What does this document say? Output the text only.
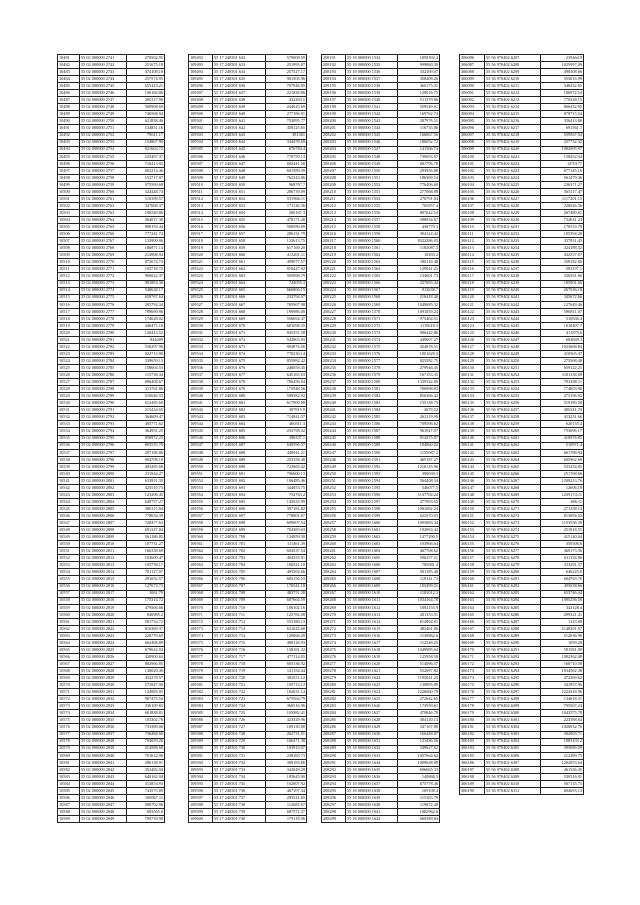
10481	55 02 000000 2741	270502.95
10482	55 02 000000 2742	251675.18
10483	55 02 000000 2743	474108.18
10484	55 02 000000 2744	257574.95
10485	55 02 000000 2745	655423.21
10486	55 02 000000 2746	106184.86
10487	55 02 000000 2747	200117.96
10488	55 02 000000 2748	500908.69
10489	55 02 000000 2749	746568.94
10490	55 02 000000 2750	621838.46
10491	55 02 000000 2751	134851.16
10492	55 02 000000 2752	79611.17
10493	55 02 000000 2753	154867.90
10494	55 02 000000 2754	921663.72
10495	55 02 000000 2755	235497.37
10496	55 02 000000 2756	716413.92
10497	55 02 000000 2757	802214.46
10498	55 02 000000 2758	153717.07
10499	55 02 000000 2759	975569.68
10500	55 02 000000 2760	324448.74
10501	55 02 000000 2761	110399.57
10502	55 02 000000 2762	347668.37
10503	55 02 000000 2763	106540.86
10504	55 02 000000 2764	364037.30
10505	55 02 000000 2765	908193.44
10506	55 02 000000 2766	777241.74
10507	55 02 000000 2767	133900.96
10508	55 02 000000 2768	186871.14
10509	55 02 000000 2769	214968.94
10510	55 02 000000 2770	872074.74
10511	55 02 000000 2771	103718.75
10512	55 02 000000 2772	966022.37
10513	55 02 000000 2773	981863.36
10514	55 02 000000 2774	540628.17
10515	55 02 000000 2775	658767.64
10516	55 02 000000 2776	205792.34
10517	55 02 000000 2777	789690.96
10518	55 02 000000 2778	174628.02
10519	55 02 000000 2779	446471.10
10520	55 02 000000 2780	120413.52
10521	55 02 000000 2781	844409
10522	55 02 000000 2782	530297.90
10523	55 02 000000 2783	922713.90
10524	55 02 000000 2784	339659.13
10525	55 02 000000 2785	158604.53
10526	55 02 000000 2786	115736.34
10527	55 02 000000 2787	896408.67
10528	55 02 000000 2788	313761.86
10529	55 02 000000 2789	516646.55
10530	55 02 000000 2790	612485.60
10531	55 02 000000 2791	213434.65
10532	55 02 000000 2792	364609.47
10533	55 02 000000 2793	495771.62
10534	55 02 000000 2794	364951.25
10535	55 02 000000 2795	858972.23
10536	55 02 000000 2796	803535.70
10537	55 02 000000 2797	497186.86
10538	55 02 000000 2798	904708.10
10539	55 02 000000 2799	403485.68
10540	55 02 000000 2800	231944.27
10541	55 02 000000 2801	633951.35
10542	55 02 000000 2802	425510.73
10543	55 02 000000 2803	123206.45
10544	55 02 000000 2804	649757.27
10545	55 02 000000 2805	386115.84
10546	55 02 000000 2806	778654.39
10547	55 02 000000 2807	720477.63
10548	55 02 000000 2808	691247.84
10549	55 02 000000 2809	561186.85
10550	55 02 000000 2810	107731.27
10551	55 02 000000 2811	166358.69
10552	55 02 000000 2812	103600.47
10553	55 02 000000 2813	105758.17
10554	55 02 000000 2814	701127.07
10555	55 02 000000 2815	291052.57
10556	55 02 000000 2816	127673.73
10557	55 02 000000 2817	1061.79
10558	55 02 000000 2818	175314.72
10559	55 02 000000 2819	479566.66
10560	55 02 000000 2820	846985.2
10561	55 02 000000 2821	581754.72
10562	55 02 000000 2822	816369.37
10563	55 02 000000 2823	226779.65
10564	55 02 000000 2824	662468.89
10565	55 02 000000 2825	679622.04
10566	55 02 000000 2826	420900.63
10567	55 02 000000 2827	882966.85
10568	55 02 000000 2828	130020.49
10569	55 02 000000 2829	452278.57
10570	55 02 000000 2830	572947.90
10571	55 02 000000 2831	124983.95
10572	55 02 000000 2832	987475.54
10573	55 02 000000 2833	336109.65
10574	55 02 000000 2834	601838.81
10575	55 02 000000 2835	103302.76
10576	55 02 000000 2836	733389.06
10577	55 02 000000 2837	736468.60
10578	55 02 000000 2838	704059.26
10579	55 02 000000 2839	314588.60
10580	55 02 000000 2840	701612.96
10581	55 02 000000 2841	286138.91
10582	55 02 000000 2842	352482.04
10583	55 02 000000 2843	640162.94
10584	55 02 000000 2844	313853.93
10585	55 02 000000 2845	743575.89
10586	55 02 000000 2846	106967.11
10587	55 02 000000 2847	380702.96
10588	55 02 000000 2848	693565.6
10589	55 02 000000 2849	709718.98
109492	55 17 240501 632	579008.59
109493	55 17 240501 633	251993.07
109494	55 17 240501 634	257527.17
109495	55 17 240501 635	901505.96
109496	55 17 240501 636	707946.95
109497	55 17 240501 637	221838.86
109498	55 17 240501 638	432203.5
109499	55 17 240501 639	244625.69
109500	55 17 240501 640	277186.01
109501	55 17 240501 641	753095.77
109502	55 17 240501 642	458125.65
109503	55 17 240501 643	381361
109504	55 17 240501 644	334478.69
109505	55 17 240501 645	676784.4
109506	55 17 240501 646	770759.13
109507	55 17 240501 647	692441.58
109508	55 17 240501 648	601589.39
109509	55 17 240501 649	762343.06
109510	55 17 240501 650	968767.7
109511	55 17 240501 651	286739.09
109512	55 17 240501 652	555966.11
109513	55 17 240501 653	171126.36
109514	55 17 240501 654	206167.3
109515	55 17 240501 655	478171.28
109516	55 17 240501 656	568580.09
109517	55 17 240501 657	286131.79
109518	55 17 240501 658	132613.75
109519	55 17 240501 659	617169.20
109520	55 17 240501 660	413201.11
109521	55 17 240501 661	499077.57
109522	55 17 240501 662	918427.92
109523	55 17 240501 663	505098.79
109524	55 17 240501 664	744055.3
109525	55 17 240501 665	666806.15
109526	55 17 240501 666	233794.97
109527	55 17 240501 667	765967.98
109528	55 17 240501 668	196986.00
109529	55 17 240501 669	556694.47
109530	55 17 240501 670	681098.35
109531	55 17 240501 671	945351.58
109532	55 17 240501 672	542903.93
109533	55 17 240501 673	904874.56
109534	55 17 240501 674	778230.14
109535	55 17 240501 675	855982.42
109536	55 17 240501 676	246058.45
109537	55 17 240501 677	645165.03
109538	55 17 240501 678	786456.04
109539	55 17 240501 679	175948.56
109540	55 17 240501 680	598582.92
109541	55 17 240501 681	617900.08
109542	55 17 240501 682	307815.9
109543	55 17 240501 683	714841.57
109544	55 17 240501 684	460511.3
109545	55 17 240501 685	233798.32
109546	55 17 240501 686	396337.1
109547	55 17 240501 687	649596.37
109548	55 17 240501 688	440941.21
109549	55 17 240501 689	253158.48
109550	55 17 240501 690	723665.42
109551	55 17 240501 691	706600.13
109552	55 17 240501 692	106485.46
109553	55 17 240501 693	344853.75
109554	55 17 240501 694	754763.2
109555	55 17 240501 695	145635.99
109556	55 17 240501 696	397181.82
109557	55 17 240501 697	778801.87
109558	55 17 240501 698	699007.54
109559	55 17 240501 699	704383.63
109560	55 17 240501 700	134859.58
109561	55 17 240501 701	111461.39
109562	55 17 240501 702	604537.54
109563	55 17 240501 703	404355.91
109564	55 17 240501 704	166521.10
109565	55 17 240501 705	405563.66
109566	55 17 240501 706	685156.53
109567	55 17 240501 707	176541.18
109568	55 17 240501 708	483751.28
109569	55 17 240501 709	607664.59
109570	55 17 240501 710	106102.16
109571	55 17 240501 711	125782.08
109572	55 17 240501 712	553186.13
109573	55 17 240501 713	631625.60
109574	55 17 240501 714	120066.29
109575	55 17 240501 715	488126.93
109576	55 17 240501 716	138181.32
109577	55 17 240501 717	477114.05
109578	55 17 240501 718	605136.92
109579	55 17 240501 719	141154.44
109580	55 17 240501 720	382551.12
109581	55 17 240501 721	105713.12
109582	55 17 240501 722	162031.14
109583	55 17 240501 723	675564.79
109584	55 17 240501 724	366516.96
109585	55 17 240501 725	103982.41
109586	55 17 240501 726	423329.96
109587	55 17 240501 727	169130.80
109588	55 17 240501 728	262731.01
109589	55 17 240501 729	166471.38
109590	55 17 240501 730	103913.07
109591	55 17 240501 731	238163.73
109592	55 17 240501 732	308183.86
109593	55 17 240501 733	342649.29
109594	55 17 240501 734	195645.90
109595	55 17 240501 735	162007.92
109596	55 17 240501 736	467107.44
109597	55 17 240501 737	285541.65
109598	55 17 240501 738	112081.67
109599	55 17 240501 739	687571.37
109600	55 17 240501 740	179118.06
208191	55 18 000000 1534	1050392.4
208192	55 18 000000 1535	999860.39
208193	55 18 000000 1536	332169.07
208194	55 18 000000 1537	358408.26
208195	55 18 000000 1538	460175.31
208196	55 18 000000 1539	129016.75
208197	55 18 000000 1540	511379.86
208198	55 18 000000 1541	559549.61
208199	55 18 000000 1542	169762.74
208200	55 18 000000 1543	287976.51
208201	55 18 000000 1544	116735.86
208202	55 18 000000 1545	166067.56
208203	55 18 000000 1546	186052.72
208204	55 18 000000 1547	141566.74
208205	55 18 000000 1548	739693.07
208206	55 18 000000 1549	681796.70
208207	55 18 000000 1550	293956.88
208208	55 18 000000 1551	186369.54
208209	55 18 000000 1552	776406.60
208210	55 18 000000 1553	277068.89
208211	55 18 000000 1554	270791.04
208212	55 18 000000 1555	765957.4
208213	55 18 000000 1556	807642.54
208214	55 18 000000 1557	398954.67
208215	55 18 000000 1558	430770.3
208216	55 18 000000 1559	304124.42
208217	55 18 000000 1560	8322286.03
208218	55 18 000000 1561	1182087.3
208219	55 18 000000 1562	10493.2
208220	55 18 000000 1563	186116.48
208221	55 18 000000 1564	129041.23
208222	55 18 000000 1565	134601.73
208223	55 18 000000 1566	237693.42
208224	55 18 000000 1567	912638.7
208225	55 18 000000 1568	216418.40
208226	55 18 000000 1569	1049685.32
208227	55 18 000000 1570	1091059.24
208228	55 18 000000 1571	975464.51
208229	55 18 000000 1572	1119618.3
208230	55 18 000000 1573	986442.86
208231	55 18 000000 1574	449607.27
208232	55 18 000000 1575	454078.51
208233	55 18 000000 1576	1001629.3
208234	55 18 000000 1577	825582.75
208235	55 18 000000 1578	279946.45
208236	55 18 000000 1579	167153.35
208237	55 18 000000 1580	1339342.69
208238	55 18 000000 1581	706998.83
208239	55 18 000000 1582	856366.42
208240	55 18 000000 1583	155138.75
208241	55 18 000000 1584	2678.52
208242	55 18 000000 1585	262119.99
208243	55 18 000000 1586	709596.62
208244	55 18 000000 1587	961947.07
208245	55 18 000000 1588	914375.87
208246	55 18 000000 1589	104860.02
208247	55 18 000000 1590	1155087.2
208248	55 18 000000 1591	465187.27
208249	55 18 000000 1592	1216135.96
208250	55 18 000000 1593	390638.3
208251	55 18 000000 1594	564408.34
208252	55 18 000000 1595	546077.5
208253	55 18 000000 1596	1137704.24
208254	55 18 000000 1597	477993.55
208255	55 18 000000 1598	1081082.24
208256	55 18 000000 1599	622570.03
208257	55 18 000000 1600	1093683.34
208258	55 18 000000 1601	102963.44
208259	55 18 000000 1602	1477290.5
208260	55 18 000000 1603	103966.64
208261	55 18 000000 1604	467768.62
208262	55 18 000000 1605	596157.51
208263	55 18 000000 1606	785081.4
208264	55 18 000000 1607	561185.48
208265	55 18 000000 1608	118141.73
208266	55 18 000000 1609	105499.51
208267	55 18 000000 1610	1183012.3
208268	55 18 000000 1611	1034164.78
208269	55 18 000000 1612	1092155.9
208270	55 18 000000 1613	201153.51
208271	55 18 000000 1614	614964.01
208272	55 18 000000 1615	483461.06
208273	55 18 000000 1616	1139862.6
208274	55 18 000000 1617	112548.25
208275	55 18 000000 1618	1049985.64
208276	55 18 000000 1619	125958.58
208277	55 18 000000 1620	514086.57
208278	55 18 000000 1621	552697.82
208279	55 18 000000 1622	1195041.23
208280	55 18 000000 1623	139895.89
208281	55 18 000000 1624	1226660.79
208282	55 18 000000 1625	272642.65
208283	55 18 000000 1626	173939.61
208284	55 18 000000 1627	479846.78
208285	55 18 000000 1628	304120.13
208286	55 18 000000 1629	347167.88
208287	55 18 000000 1630	166448.07
208288	55 18 000000 1631	121436.56
208289	55 18 000000 1632	349627.62
208290	55 18 000000 1633	1057664.62
208291	55 18 000000 1634	1009638.89
208292	55 18 000000 1635	606665.33
208293	55 18 000000 1636	140868.3
208294	55 18 000000 1637	675778.46
208295	55 18 000000 1638	169108.4
208296	55 18 000000 1639	115163.78
208297	55 18 000000 1640	119872.48
208298	55 18 000000 1641	1082962.6
208299	55 18 000000 1642	660389.84
306086	55 56 970402 6207	239464.9
306087	55 56 970402 6208	1025997.09
306088	55 56 970402 6209	498308.66
306089	55 56 970402 6210	555616.99
306090	55 56 970402 6211	346432.65
306091	55 56 970402 6212	106972.54
306092	55 56 970402 6213	770328.15
306093	55 56 970402 6214	866432.95
306094	55 56 970402 6215	879715.54
306095	55 56 970402 6216	356413.86
306096	55 56 970402 6217	691561.1
306097	55 56 970402 6218	559567.94
306098	55 56 970402 6219	237732.32
306099	55 56 970402 6220	1082095.97
306100	55 56 970402 6221	158452.44
306101	55 56 970402 6222	1270177
306102	55 56 970402 6223	677145.16
306103	55 56 970402 6224	561479.46
306104	55 56 970402 6225	236371.27
306105	55 56 970402 6226	365117.47
306106	55 56 970402 6227	1117201.15
306107	55 56 970402 6228	226026.56
306108	55 56 970402 6229	267480.61
306109	55 56 970402 6230	732631.24
306110	55 56 970402 6231	176533.78
306111	55 56 970402 6232	105394.28
306112	55 56 970402 6233	357831.45
306113	55 56 970402 6234	424188.52
306114	55 56 970402 6235	432557.07
306115	55 56 970402 6236	358182.66
306116	55 56 970402 6237	583197.1
306117	55 56 970402 6238	336351.66
306118	55 56 970402 6239	185901.66
306119	55 56 970402 6240	267036.18
306120	55 56 970402 6241	345672.66
306121	55 56 970402 6242	127649.46
306122	55 56 970402 6243	596811.07
306123	55 56 970402 6244	510636.4
306124	55 56 970402 6245	1018407.7
306125	55 56 970402 6246	411879.6
306126	55 56 970402 6247	604849.3
306127	55 56 970402 6248	1023068.84
306128	55 56 970402 6249	410565.47
306129	55 56 970402 6250	275568.48
306130	55 56 970402 6251	659122.21
306131	55 56 970402 6252	1101138.69
306132	55 56 970402 6253	702188.11
306133	55 56 970402 6254	774603.96
306134	55 56 970402 6255	475196.92
306135	55 56 970402 6256	519190.58
306136	55 56 970402 6257	406311.70
306137	55 56 970402 6258	413231.66
306138	55 56 970402 6259	620155.4
306139	55 56 970402 6260	753696.17
306140	55 56 970402 6261	410976.85
306141	55 56 970402 6262	510971.4
306142	55 56 970402 6263	661788.94
306143	55 56 970402 6264	605962.68
306144	55 56 970402 6265	533254.85
306145	55 56 970402 6266	251768.66
306146	55 56 970402 6267	1209213.76
306147	55 56 970402 6268	12606.18
306148	55 56 970402 6269	1239174.11
306149	55 56 970402 6270	486.11
306150	55 56 970402 6271	271358.14
306151	55 56 970402 6272	813094.02
306152	55 56 970402 6273	1153556.39
306153	55 56 970402 6274	251818.55
306154	55 56 970402 6275	415140.04
306155	55 56 970402 6276	359306.6
306156	55 56 970402 6277	469173.56
306157	55 56 970402 6278	611154.86
306158	55 56 970402 6279	233291.37
306159	55 56 970402 6280	646225.6
306160	55 56 970402 6281	604763.76
306161	55 56 970402 6282	405638.66
306162	55 56 970402 6283	653746.44
306163	55 56 970402 6284	1095256.58
306164	55 56 970402 6285	342128.4
306165	55 56 970402 6286	299321.41
306166	55 56 970402 6287	1123.68
306167	55 56 970402 6288	1148201.97
306168	55 56 970402 6289	512636.96
306169	55 56 970402 6290	1059.28
306170	55 56 970402 6291	591581.09
306171	55 56 970402 6292	1002362.08
306172	55 56 970402 6293	166710.58
306173	55 56 970402 6294	1034562.38
306174	55 56 970402 6295	472369.62
306175	55 56 970402 6296	341957.96
306176	55 56 970402 6297	1224318.96
306177	55 56 970402 6298	134618.31
306178	55 56 970402 6299	795567.24
306179	55 56 970402 6300	1042575.78
306180	55 56 970402 6301	223588.64
306181	55 56 970402 6302	1020032.76
306182	55 56 970402 6303	302003.71
306183	55 56 970402 6304	1083103.2
306184	55 56 970402 6305	395689.09
306185	55 56 970402 6306	212389.75
306186	55 56 970402 6307	1202053.64
306187	55 56 970402 6308	461536.45
306188	55 56 970402 6309	530316.91
306189	55 56 970402 6310	567135.73
306190	55 56 970402 6311	604693.13
